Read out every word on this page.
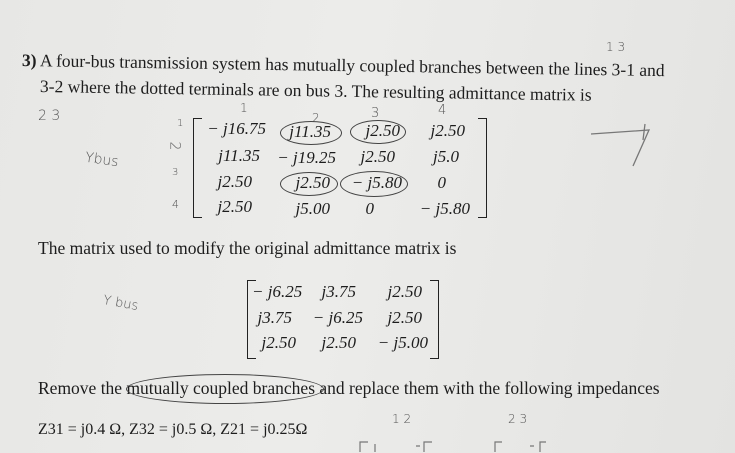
1 3
3) A four-bus transmission system has mutually coupled branches between the lines 3-1 and
3-2 where the dotted terminals are on bus 3. The resulting admittance matrix is
2 3	1
2	3	4
1
2
3
4
Ybus
− j16.75	j11.35	j2.50	j2.50
j11.35	− j19.25	j2.50	j5.0
j2.50	j2.50	− j5.80	0
j2.50	j5.00	0	− j5.80
The matrix used to modify the original admittance matrix is
Y bus
− j6.25	j3.75	j2.50
j3.75	− j6.25	j2.50
j2.50	j2.50	− j5.00
Remove the mutually coupled branches and replace them with the following impedances
Z31 = j0.4 Ω, Z32 = j0.5 Ω, Z21 = j0.25Ω
1 2	2 3
